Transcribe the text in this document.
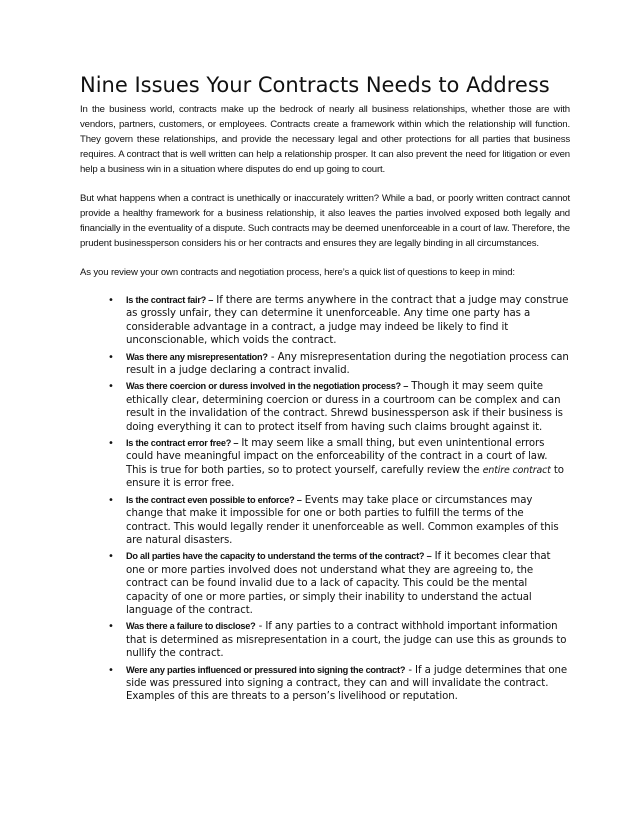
Nine Issues Your Contracts Needs to Address

In the business world, contracts make up the bedrock of nearly all business relationships, whether those are with vendors, partners, customers, or employees. Contracts create a framework within which the relationship will function. They govern these relationships, and provide the necessary legal and other protections for all parties that business requires. A contract that is well written can help a relationship prosper. It can also prevent the need for litigation or even help a business win in a situation where disputes do end up going to court.

But what happens when a contract is unethically or inaccurately written? While a bad, or poorly written contract cannot provide a healthy framework for a business relationship, it also leaves the parties involved exposed both legally and financially in the eventuality of a dispute. Such contracts may be deemed unenforceable in a court of law. Therefore, the prudent businessperson considers his or her contracts and ensures they are legally binding in all circumstances.

As you review your own contracts and negotiation process, here’s a quick list of questions to keep in mind:

• Is the contract fair? – If there are terms anywhere in the contract that a judge may construe as grossly unfair, they can determine it unenforceable. Any time one party has a considerable advantage in a contract, a judge may indeed be likely to find it unconscionable, which voids the contract.
• Was there any misrepresentation? - Any misrepresentation during the negotiation process can result in a judge declaring a contract invalid.
• Was there coercion or duress involved in the negotiation process? – Though it may seem quite ethically clear, determining coercion or duress in a courtroom can be complex and can result in the invalidation of the contract. Shrewd businessperson ask if their business is doing everything it can to protect itself from having such claims brought against it.
• Is the contract error free? – It may seem like a small thing, but even unintentional errors could have meaningful impact on the enforceability of the contract in a court of law. This is true for both parties, so to protect yourself, carefully review the entire contract to ensure it is error free.
• Is the contract even possible to enforce? – Events may take place or circumstances may change that make it impossible for one or both parties to fulfill the terms of the contract. This would legally render it unenforceable as well. Common examples of this are natural disasters.
• Do all parties have the capacity to understand the terms of the contract? – If it becomes clear that one or more parties involved does not understand what they are agreeing to, the contract can be found invalid due to a lack of capacity. This could be the mental capacity of one or more parties, or simply their inability to understand the actual language of the contract.
• Was there a failure to disclose? - If any parties to a contract withhold important information that is determined as misrepresentation in a court, the judge can use this as grounds to nullify the contract.
• Were any parties influenced or pressured into signing the contract? - If a judge determines that one side was pressured into signing a contract, they can and will invalidate the contract. Examples of this are threats to a person’s livelihood or reputation.
